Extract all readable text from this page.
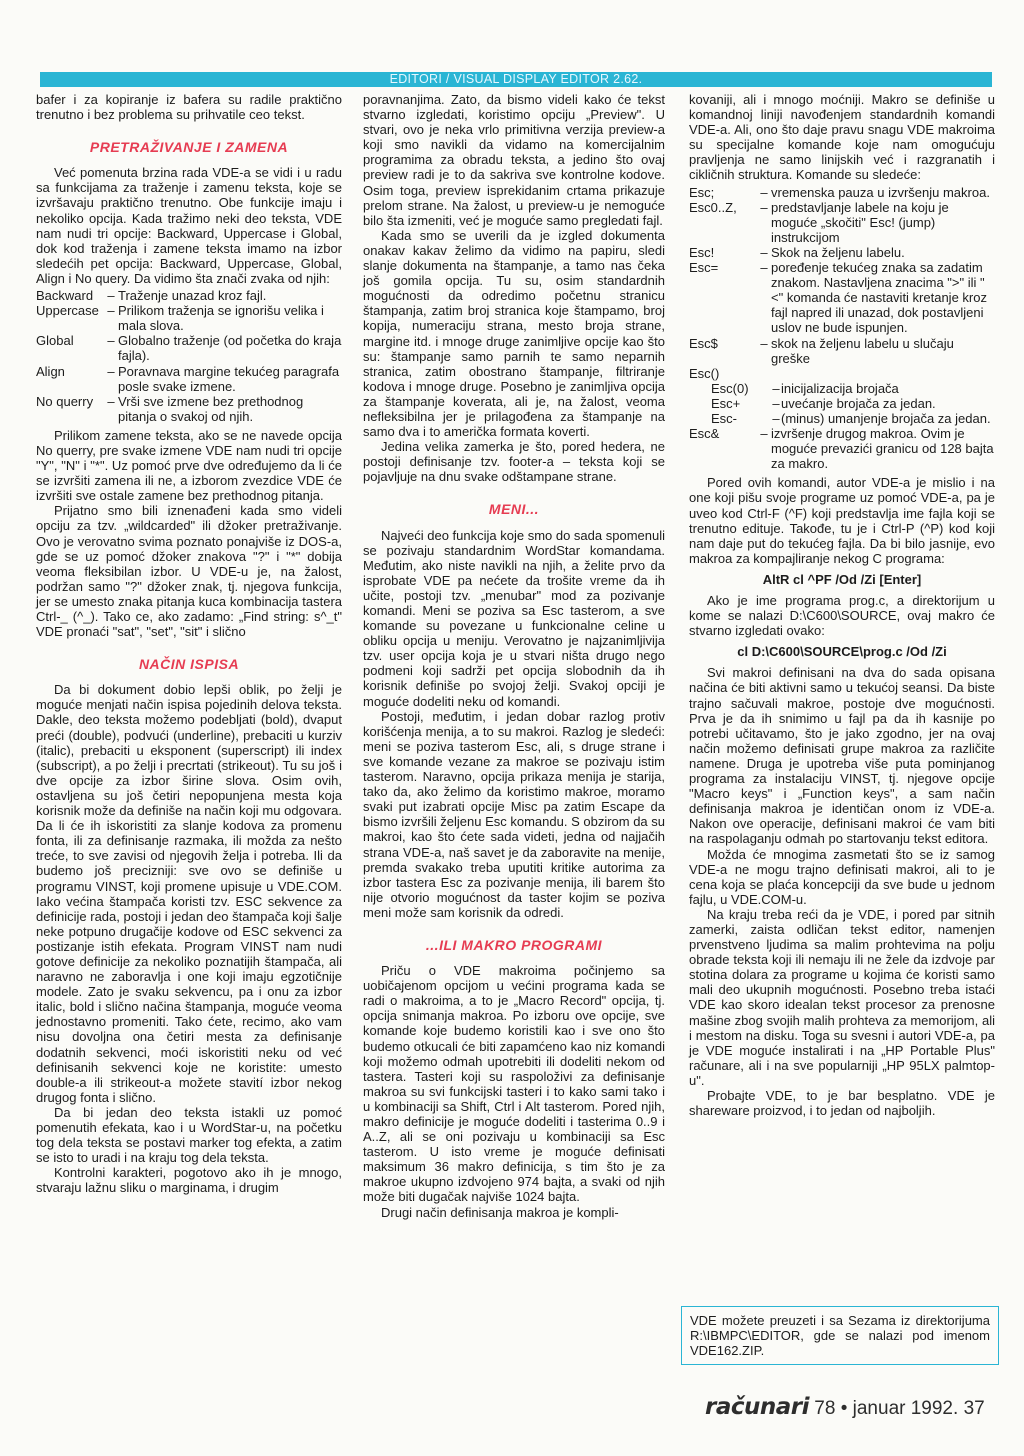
EDITORI / VISUAL DISPLAY EDITOR 2.62.

bafer i za kopiranje iz bafera su radile praktično trenutno i bez problema su prihvatile ceo tekst.

PRETRAŽIVANJE I ZAMENA

Već pomenuta brzina rada VDE-a se vidi i u radu sa funkcijama za traženje i zamenu teksta, koje se izvršavaju praktično trenutno. Obe funkcije imaju i nekoliko opcija. Kada tražimo neki deo teksta, VDE nam nudi tri opcije: Backward, Uppercase i Global, dok kod traženja i zamene teksta imamo na izbor sledećih pet opcija: Backward, Uppercase, Global, Align i No query. Da vidimo šta znači zvaka od njih:

Backward	– Traženje unazad kroz fajl.
Uppercase – Prilikom traženja se ignorišu velika i mala slova.
Global	– Globalno traženje (od početka do kraja fajla).
Align	– Poravnava margine tekućeg paragrafa posle svake izmene.
No querry	– Vrši sve izmene bez prethodnog pitanja o svakoj od njih.

Prilikom zamene teksta, ako se ne navede opcija No querry, pre svake izmene VDE nam nudi tri opcije "Y", "N" i "*". Uz pomoć prve dve određujemo da li će se izvršiti zamena ili ne, a izborom zvezdice VDE će izvršiti sve ostale zamene bez prethodnog pitanja.

Prijatno smo bili iznenađeni kada smo videli opciju za tzv. „wildcarded" ili džoker pretraživanje. Ovo je verovatno svima poznato ponajviše iz DOS-a, gde se uz pomoć džoker znakova "?" i "*" dobija veoma fleksibilan izbor. U VDE-u je, na žalost, podržan samo "?" džoker znak, tj. njegova funkcija, jer se umesto znaka pitanja kuca kombinacija tastera Ctrl-_ (^_). Tako ce, ako zadamo: „Find string: s^_t" VDE pronaći "sat", "set", "sit" i slično

NAČIN ISPISA

Da bi dokument dobio lepši oblik, po želji je moguće menjati način ispisa pojedinih delova teksta. Dakle, deo teksta možemo podebljati (bold), dvaput preći (double), podvući (underline), prebaciti u kurziv (italic), prebaciti u eksponent (superscript) ili index (subscript), a po želji i precrtati (strikeout). Tu su još i dve opcije za izbor širine slova. Osim ovih, ostavljena su još četiri nepopunjena mesta koja korisnik može da definiše na način koji mu odgovara. Da li će ih iskoristiti za slanje kodova za promenu fonta, ili za definisanje razmaka, ili možda za nešto treće, to sve zavisi od njegovih želja i potreba. Ili da budemo još precizniji: sve ovo se definiše u programu VINST, koji promene upisuje u VDE.COM. Iako većina štampača koristi tzv. ESC sekvence za definicije rada, postoji i jedan deo štampača koji šalje neke potpuno drugačije kodove od ESC sekvenci za postizanje istih efekata. Program VINST nam nudi gotove definicije za nekoliko poznatijih štampača, ali naravno ne zaboravlja i one koji imaju egzotičnije modele. Zato je svaku sekvencu, pa i onu za izbor italic, bold i slično načina štampanja, moguće veoma jednostavno promeniti. Tako ćete, recimo, ako vam nisu dovoljna ona četiri mesta za definisanje dodatnih sekvenci, moći iskoristiti neku od već definisanih sekvenci koje ne koristite: umesto double-a ili strikeout-a možete stavití izbor nekog drugog fonta i slično.

Da bi jedan deo teksta istakli uz pomoć pomenutih efekata, kao i u WordStar-u, na početku tog dela teksta se postavi marker tog efekta, a zatim se isto to uradi i na kraju tog dela teksta.

Kontrolni karakteri, pogotovo ako ih je mnogo, stvaraju lažnu sliku o marginama, i drugim

poravnanjima. Zato, da bismo videli kako će tekst stvarno izgledati, koristimo opciju „Preview". U stvari, ovo je neka vrlo primitivna verzija preview-a koji smo navikli da vidamo na komercijalnim programima za obradu teksta, a jedino što ovaj preview radi je to da sakriva sve kontrolne kodove. Osim toga, preview isprekidanim crtama prikazuje prelom strane. Na žalost, u preview-u je nemoguće bilo šta izmeniti, već je moguće samo pregledati fajl.

Kada smo se uverili da je izgled dokumenta onakav kakav želimo da vidimo na papiru, sledi slanje dokumenta na štampanje, a tamo nas čeka još gomila opcija. Tu su, osim standardnih mogućnosti da odredimo početnu stranicu štampanja, zatim broj stranica koje štampamo, broj kopija, numeraciju strana, mesto broja strane, margine itd. i mnoge druge zanimljive opcije kao što su: štampanje samo parnih te samo neparnih stranica, zatim obostrano štampanje, filtriranje kodova i mnoge druge. Posebno je zanimljiva opcija za štampanje koverata, ali je, na žalost, veoma nefleksibilna jer je prilagođena za štampanje na samo dva i to američka formata koverti.

Jedina velika zamerka je što, pored hedera, ne postoji definisanje tzv. footer-a – teksta koji se pojavljuje na dnu svake odštampane strane.

MENI...

Najveći deo funkcija koje smo do sada spomenuli se pozivaju standardnim WordStar komandama. Međutim, ako niste navikli na njih, a želite prvo da isprobate VDE pa nećete da trošite vreme da ih učite, postoji tzv. „menubar" mod za pozivanje komandi. Meni se poziva sa Esc tasterom, a sve komande su povezane u funkcionalne celine u obliku opcija u meniju. Verovatno je najzanimljivija tzv. user opcija koja je u stvari ništa drugo nego podmeni koji sadrži pet opcija slobodnih da ih korisnik definiše po svojoj želji. Svakoj opciji je moguće dodeliti neku od komandi.

Postoji, međutim, i jedan dobar razlog protiv korišćenja menija, a to su makroi. Razlog je sledeći: meni se poziva tasterom Esc, ali, s druge strane i sve komande vezane za makroe se pozivaju istim tasterom. Naravno, opcija prikaza menija je starija, tako da, ako želimo da koristimo makroe, moramo svaki put izabrati opcije Misc pa zatim Escape da bismo izvršili željenu Esc komandu. S obzirom da su makroi, kao što ćete sada videti, jedna od najjačih strana VDE-a, naš savet je da zaboravite na menije, premda svakako treba uputiti kritike autorima za izbor tastera Esc za pozivanje menija, ili barem što nije otvorio mogućnost da taster kojim se poziva meni može sam korisnik da odredi.

...ILI MAKRO PROGRAMI

Priču o VDE makroima počinjemo sa uobičajenom opcijom u većini programa kada se radi o makroima, a to je „Macro Record" opcija, tj. opcija snimanja makroa. Po izboru ove opcije, sve komande koje budemo koristili kao i sve ono što budemo otkucali će biti zapamćeno kao niz komandi koji možemo odmah upotrebiti ili dodeliti nekom od tastera. Tasteri koji su raspoloživi za definisanje makroa su svi funkcijski tasteri i to kako sami tako i u kombinaciji sa Shift, Ctrl i Alt tasterom. Pored njih, makro definicije je moguće dodeliti i tasterima 0..9 i A..Z, ali se oni pozivaju u kombinaciji sa Esc tasterom. U isto vreme je moguće definisati maksimum 36 makro definicija, s tim što je za makroe ukupno izdvojeno 974 bajta, a svaki od njih može biti dugačak najviše 1024 bajta.

Drugi način definisanja makroa je kompli-

kovaniji, ali i mnogo moćniji. Makro se definiše u komandnoj liniji navođenjem standardnih komandi VDE-a. Ali, ono što daje pravu snagu VDE makroima su specijalne komande koje nam omogućuju pravljenja ne samo linijskih već i razgranatih i cikličnih struktura. Komande su sledeće:

Esc;	– vremenska pauza u izvršenju makroa.
Esc0..Z,	– predstavljanje labele na koju je moguće „skočiti" Esc! (jump) instrukcijom
Esc!	– Skok na željenu labelu.
Esc=	– poređenje tekućeg znaka sa zadatim znakom. Nastavljena znacima ">" ili "<" komanda će nastaviti kretanje kroz fajl napred ili unazad, dok postavljeni uslov ne bude ispunjen.
Esc$	– skok na željenu labelu u slučaju greške
Esc()
Esc(0)	– inicijalizacija brojača
Esc+	– uvećanje brojača za jedan.
Esc-	– (minus) umanjenje brojača za jedan.
Esc&	– izvršenje drugog makroa. Ovim je moguće prevazići granicu od 128 bajta za makro.

Pored ovih komandi, autor VDE-a je mislio i na one koji pišu svoje programe uz pomoć VDE-a, pa je uveo kod Ctrl-F (^F) koji predstavlja ime fajla koji se trenutno edituje. Takođe, tu je i Ctrl-P (^P) kod koji nam daje put do tekućeg fajla. Da bi bilo jasnije, evo makroa za kompajliranje nekog C programa:

AltR cl ^PF /Od /Zi [Enter]

Ako je ime programa prog.c, a direktorijum u kome se nalazi D:\C600\SOURCE, ovaj makro će stvarno izgledati ovako:

cl D:\C600\SOURCE\prog.c /Od /Zi

Svi makroi definisani na dva do sada opisana načina će biti aktivni samo u tekućoj seansi. Da biste trajno sačuvali makroe, postoje dve mogućnosti. Prva je da ih snimimo u fajl pa da ih kasnije po potrebi učitavamo, što je jako zgodno, jer na ovaj način možemo definisati grupe makroa za različite namene. Druga je upotreba više puta pominjanog programa za instalaciju VINST, tj. njegove opcije "Macro keys" i „Function keys", a sam način definisanja makroa je identičan onom iz VDE-a. Nakon ove operacije, definisani makroi će vam biti na raspolaganju odmah po startovanju tekst editora.

Možda će mnogima zasmetati što se iz samog VDE-a ne mogu trajno definisati makroi, ali to je cena koja se plaća koncepciji da sve bude u jednom fajlu, u VDE.COM-u.

Na kraju treba reći da je VDE, i pored par sitnih zamerki, zaista odličan tekst editor, namenjen prvenstveno ljudima sa malim prohtevima na polju obrade teksta koji ili nemaju ili ne žele da izdvoje par stotina dolara za programe u kojima će koristi samo mali deo ukupnih mogućnosti. Posebno treba istaći VDE kao skoro idealan tekst procesor za prenosne mašine zbog svojih malih prohteva za memorijom, ali i mestom na disku. Toga su svesni i autori VDE-a, pa je VDE moguće instalirati i na „HP Portable Plus" računare, ali i na sve popularniji „HP 95LX palmtop-u".

Probajte VDE, to je bar besplatno. VDE je shareware proizvod, i to jedan od najboljih.

VDE možete preuzeti i sa Sezama iz direktorijuma R:\IBMPC\EDITOR, gde se nalazi pod imenom VDE162.ZIP.
računari 78 • januar 1992. 37
